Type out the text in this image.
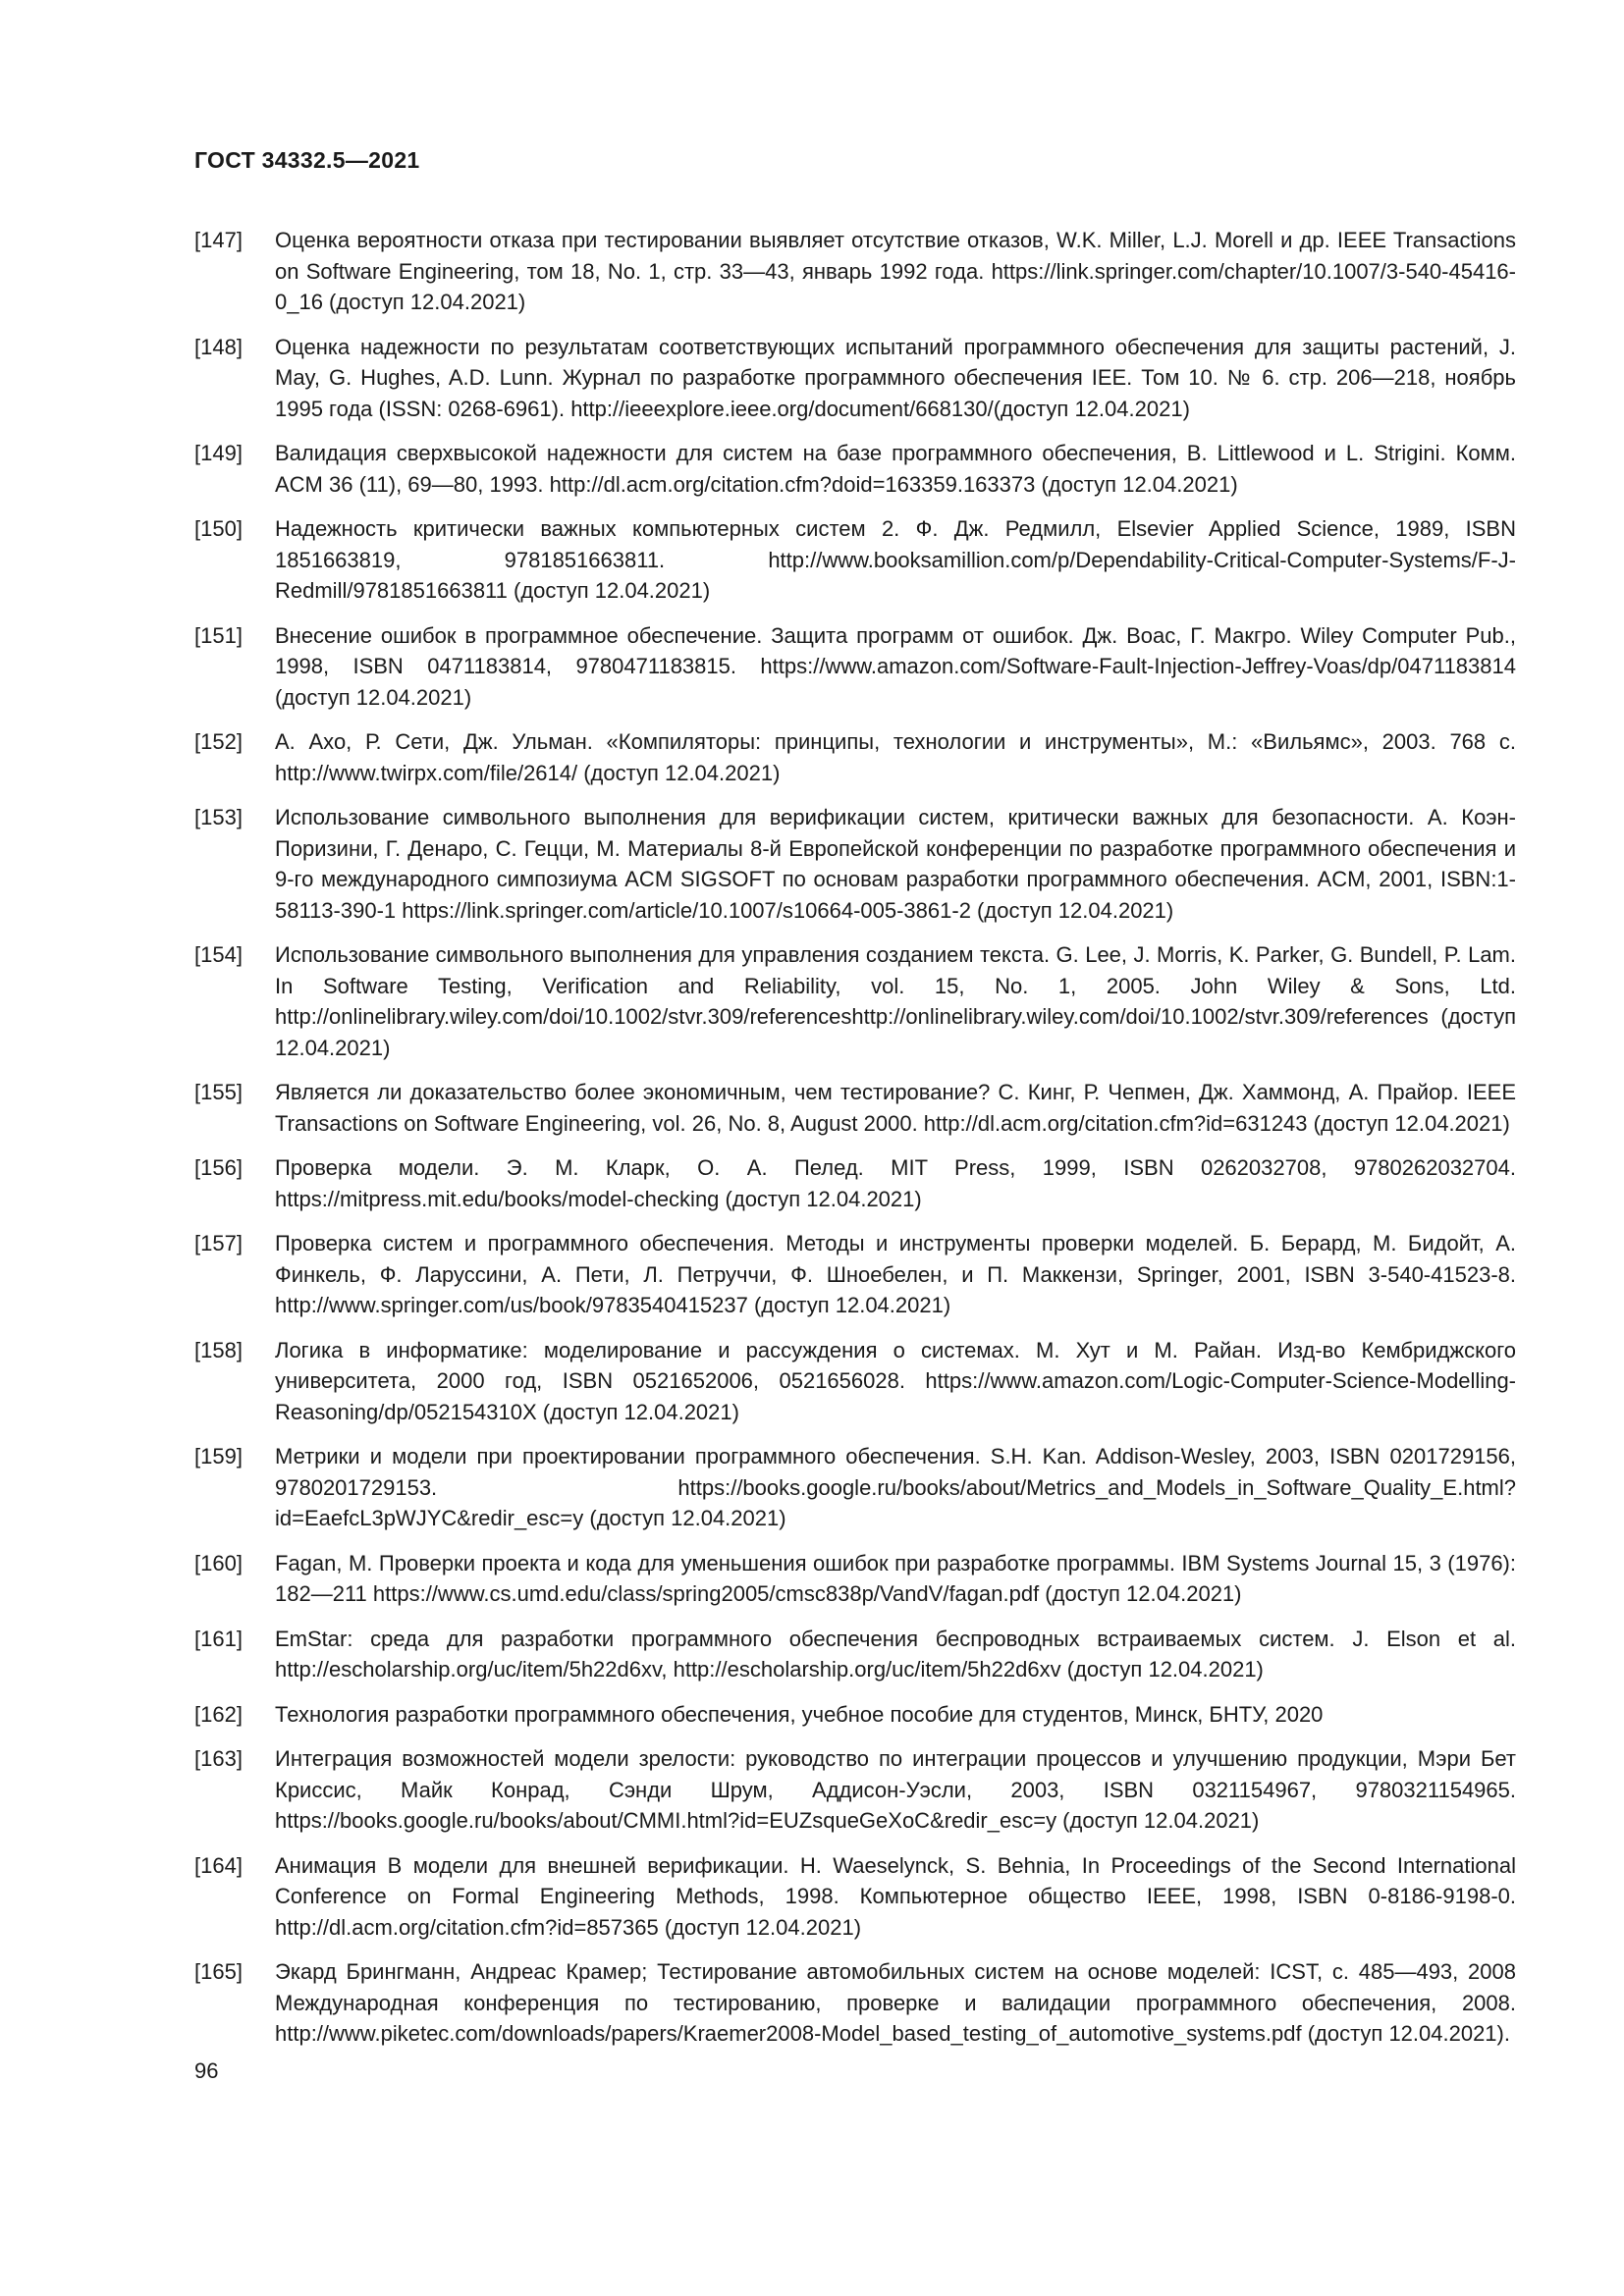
ГОСТ 34332.5—2021
[147]	Оценка вероятности отказа при тестировании выявляет отсутствие отказов, W.K. Miller, L.J. Morell и др. IEEE Transactions on Software Engineering, том 18, No. 1, стр. 33—43, январь 1992 года. https://link.springer.com/chapter/10.1007/3-540-45416-0_16 (доступ 12.04.2021)
[148]	Оценка надежности по результатам соответствующих испытаний программного обеспечения для защиты растений, J. May, G. Hughes, A.D. Lunn. Журнал по разработке программного обеспечения IEE. Том 10. № 6. стр. 206—218, ноябрь 1995 года (ISSN: 0268-6961). http://ieeexplore.ieee.org/document/668130/(доступ 12.04.2021)
[149]	Валидация сверхвысокой надежности для систем на базе программного обеспечения, B. Littlewood и L. Strigini. Комм. ACM 36 (11), 69—80, 1993. http://dl.acm.org/citation.cfm?doid=163359.163373 (доступ 12.04.2021)
[150]	Надежность критически важных компьютерных систем 2. Ф. Дж. Редмилл, Elsevier Applied Science, 1989, ISBN 1851663819, 9781851663811. http://www.booksamillion.com/p/Dependability-Critical-Computer-Systems/F-J-Redmill/9781851663811 (доступ 12.04.2021)
[151]	Внесение ошибок в программное обеспечение. Защита программ от ошибок. Дж. Воас, Г. Макгро. Wiley Computer Pub., 1998, ISBN 0471183814, 9780471183815. https://www.amazon.com/Software-Fault-Injection-Jeffrey-Voas/dp/0471183814 (доступ 12.04.2021)
[152]	А. Ахо, Р. Сети, Дж. Ульман. «Компиляторы: принципы, технологии и инструменты», М.: «Вильямс», 2003. 768 с. http://www.twirpx.com/file/2614/ (доступ 12.04.2021)
[153]	Использование символьного выполнения для верификации систем, критически важных для безопасности. А. Коэн-Поризини, Г. Денаро, С. Гецци, М. Материалы 8-й Европейской конференции по разработке программного обеспечения и 9-го международного симпозиума ACM SIGSOFT по основам разработки программного обеспечения. ACM, 2001, ISBN:1-58113-390-1 https://link.springer.com/article/10.1007/s10664-005-3861-2 (доступ 12.04.2021)
[154]	Использование символьного выполнения для управления созданием текста. G. Lee, J. Morris, K. Parker, G. Bundell, P. Lam. In Software Testing, Verification and Reliability, vol. 15, No. 1, 2005. John Wiley & Sons, Ltd. http://onlinelibrary.wiley.com/doi/10.1002/stvr.309/referenceshttp://onlinelibrary.wiley.com/doi/10.1002/stvr.309/references (доступ 12.04.2021)
[155]	Является ли доказательство более экономичным, чем тестирование? С. Кинг, Р. Чепмен, Дж. Хаммонд, А. Прайор. IEEE Transactions on Software Engineering, vol. 26, No. 8, August 2000. http://dl.acm.org/citation.cfm?id=631243 (доступ 12.04.2021)
[156]	Проверка модели. Э. М. Кларк, О. А. Пелед. MIT Press, 1999, ISBN 0262032708, 9780262032704. https://mitpress.mit.edu/books/model-checking (доступ 12.04.2021)
[157]	Проверка систем и программного обеспечения. Методы и инструменты проверки моделей. Б. Берард, М. Бидойт, А. Финкель, Ф. Ларуссини, А. Пети, Л. Петруччи, Ф. Шноебелен, и П. Маккензи, Springer, 2001, ISBN 3-540-41523-8. http://www.springer.com/us/book/9783540415237 (доступ 12.04.2021)
[158]	Логика в информатике: моделирование и рассуждения о системах. М. Хут и М. Райан. Изд-во Кембриджского университета, 2000 год, ISBN 0521652006, 0521656028. https://www.amazon.com/Logic-Computer-Science-Modelling-Reasoning/dp/052154310X (доступ 12.04.2021)
[159]	Метрики и модели при проектировании программного обеспечения. S.H. Kan. Addison-Wesley, 2003, ISBN 0201729156, 9780201729153. https://books.google.ru/books/about/Metrics_and_Models_in_Software_Quality_E.html?id=EaefcL3pWJYC&redir_esc=y (доступ 12.04.2021)
[160]	Fagan, M. Проверки проекта и кода для уменьшения ошибок при разработке программы. IBM Systems Journal 15, 3 (1976): 182—211 https://www.cs.umd.edu/class/spring2005/cmsc838p/VandV/fagan.pdf (доступ 12.04.2021)
[161]	EmStar: среда для разработки программного обеспечения беспроводных встраиваемых систем. J. Elson et al. http://escholarship.org/uc/item/5h22d6xv, http://escholarship.org/uc/item/5h22d6xv (доступ 12.04.2021)
[162]	Технология разработки программного обеспечения, учебное пособие для студентов, Минск, БНТУ, 2020
[163]	Интеграция возможностей модели зрелости: руководство по интеграции процессов и улучшению продукции, Мэри Бет Криссис, Майк Конрад, Сэнди Шрум, Аддисон-Уэсли, 2003, ISBN 0321154967, 9780321154965. https://books.google.ru/books/about/CMMI.html?id=EUZsqueGeXoC&redir_esc=y (доступ 12.04.2021)
[164]	Анимация B модели для внешней верификации. H. Waeselynck, S. Behnia, In Proceedings of the Second International Conference on Formal Engineering Methods, 1998. Компьютерное общество IEEE, 1998, ISBN 0-8186-9198-0. http://dl.acm.org/citation.cfm?id=857365 (доступ 12.04.2021)
[165]	Экард Брингманн, Андреас Крамер; Тестирование автомобильных систем на основе моделей: ICST, с. 485—493, 2008 Международная конференция по тестированию, проверке и валидации программного обеспечения, 2008. http://www.piketec.com/downloads/papers/Kraemer2008-Model_based_testing_of_automotive_systems.pdf (доступ 12.04.2021).
96
